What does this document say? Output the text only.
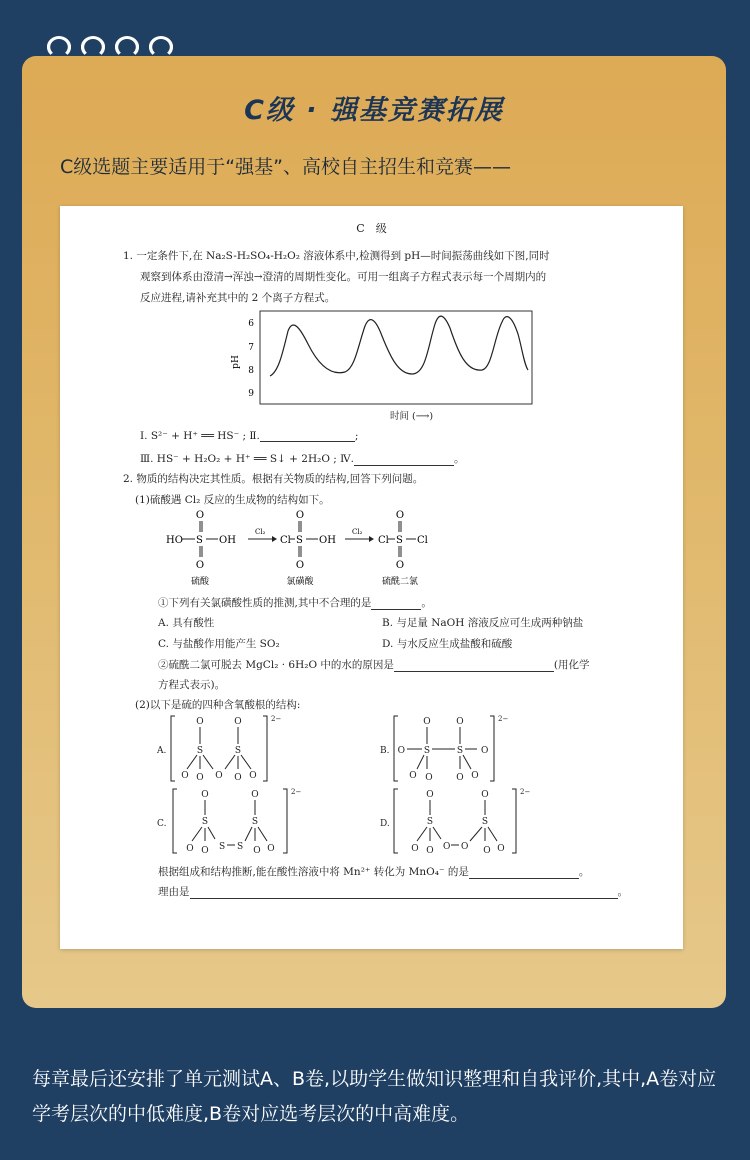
C级 · 强基竞赛拓展
C级选题主要适用于“强基”、高校自主招生和竞赛——
C　级
1. 一定条件下,在 Na₂S-H₂SO₄-H₂O₂ 溶液体系中,检测得到 pH—时间振荡曲线如下图,同时
观察到体系由澄清→浑浊→澄清的周期性变化。可用一组离子方程式表示每一个周期内的
反应进程,请补充其中的 2 个离子方程式。
6
7
8
9
pH
时间 (⟶)
Ⅰ. S²⁻ + H⁺ ══ HS⁻ ; Ⅱ.	;
Ⅲ. HS⁻ + H₂O₂ + H⁺ ══ S↓ + 2H₂O ; Ⅳ.	。
2. 物质的结构决定其性质。根据有关物质的结构,回答下列问题。
(1)硫酸遇 Cl₂ 反应的生成物的结构如下。
O
HO S OH
O
硫酸
Cl₂
O
Cl S OH
O
氯磺酸
Cl₂
O
Cl S Cl
O
硫酰二氯
①下列有关氯磺酸性质的推测,其中不合理的是	。
A. 具有酸性	B. 与足量 NaOH 溶液反应可生成两种钠盐
C. 与盐酸作用能产生 SO₂	D. 与水反应生成盐酸和硫酸
②硫酰二氯可脱去 MgCl₂ · 6H₂O 中的水的原因是	(用化学
方程式表示)。
(2)以下是硫的四种含氧酸根的结构:
A.
O	O
S	S
O O O O O
2−
B.
O	O
O S	S O
O O	O O
2−
C.
O	O
S	S
S S
O O	O O
2−
D.
O	O
S	S
O O
O O	O O
2−
根据组成和结构推断,能在酸性溶液中将 Mn²⁺ 转化为 MnO₄⁻ 的是	。
理由是	。
每章最后还安排了单元测试A、B卷,以助学生做知识整理和自我评价,其中,A卷对应学考层次的中低难度,B卷对应选考层次的中高难度。
